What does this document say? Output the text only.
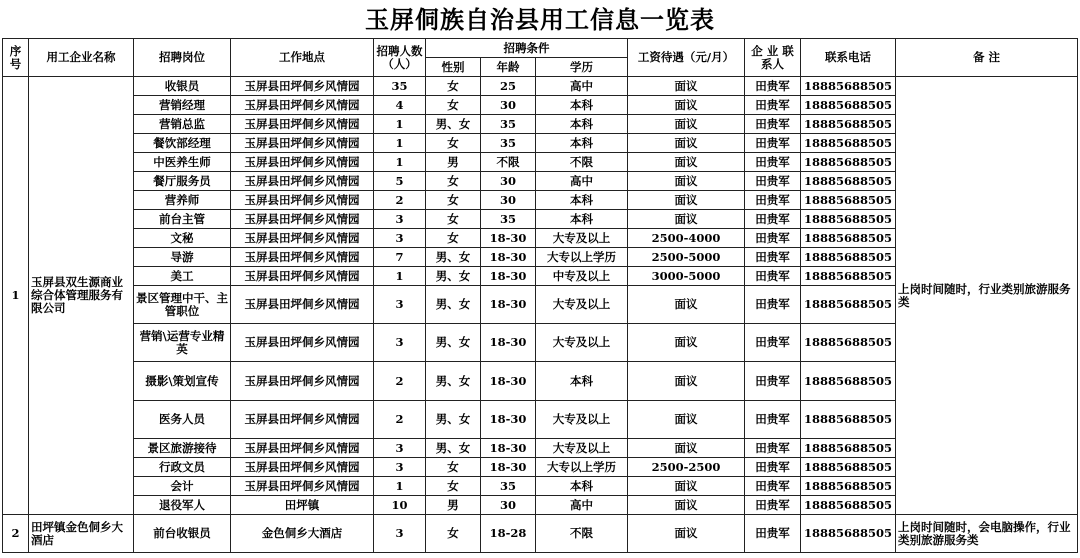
玉屏侗族自治县用工信息一览表
序号	用工企业名称	招聘岗位	工作地点	招聘人数（人）	招聘条件			工资待遇（元/月）	企 业 联系人	联系电话	备 注
					性别	年龄	学历				
1	玉屏县双生源商业综合体管理服务有限公司	收银员	玉屏县田坪侗乡风情园	35	女	25	高中	面议	田贵军	18885688505	上岗时间随时，行业类别旅游服务类
		营销经理	玉屏县田坪侗乡风情园	4	女	30	本科	面议	田贵军	18885688505	
		营销总监	玉屏县田坪侗乡风情园	1	男、女	35	本科	面议	田贵军	18885688505	
		餐饮部经理	玉屏县田坪侗乡风情园	1	女	35	本科	面议	田贵军	18885688505	
		中医养生师	玉屏县田坪侗乡风情园	1	男	不限	不限	面议	田贵军	18885688505	
		餐厅服务员	玉屏县田坪侗乡风情园	5	女	30	高中	面议	田贵军	18885688505	
		营养师	玉屏县田坪侗乡风情园	2	女	30	本科	面议	田贵军	18885688505	
		前台主管	玉屏县田坪侗乡风情园	3	女	35	本科	面议	田贵军	18885688505	
		文秘	玉屏县田坪侗乡风情园	3	女	18-30	大专及以上	2500-4000	田贵军	18885688505	
		导游	玉屏县田坪侗乡风情园	7	男、女	18-30	大专以上学历	2500-5000	田贵军	18885688505	
		美工	玉屏县田坪侗乡风情园	1	男、女	18-30	中专及以上	3000-5000	田贵军	18885688505	
		景区管理中干、主管职位	玉屏县田坪侗乡风情园	3	男、女	18-30	大专及以上	面议	田贵军	18885688505	
		营销\运营专业精英	玉屏县田坪侗乡风情园	3	男、女	18-30	大专及以上	面议	田贵军	18885688505	
		摄影\策划宣传	玉屏县田坪侗乡风情园	2	男、女	18-30	本科	面议	田贵军	18885688505	
		医务人员	玉屏县田坪侗乡风情园	2	男、女	18-30	大专及以上	面议	田贵军	18885688505	
		景区旅游接待	玉屏县田坪侗乡风情园	3	男、女	18-30	大专及以上	面议	田贵军	18885688505	
		行政文员	玉屏县田坪侗乡风情园	3	女	18-30	大专以上学历	2500-2500	田贵军	18885688505	
		会计	玉屏县田坪侗乡风情园	1	女	35	本科	面议	田贵军	18885688505	
		退役军人	田坪镇	10	男	30	高中	面议	田贵军	18885688505	
2	田坪镇金色侗乡大酒店	前台收银员	金色侗乡大酒店	3	女	18-28	不限	面议	田贵军	18885688505	上岗时间随时，会电脑操作，行业类别旅游服务类
